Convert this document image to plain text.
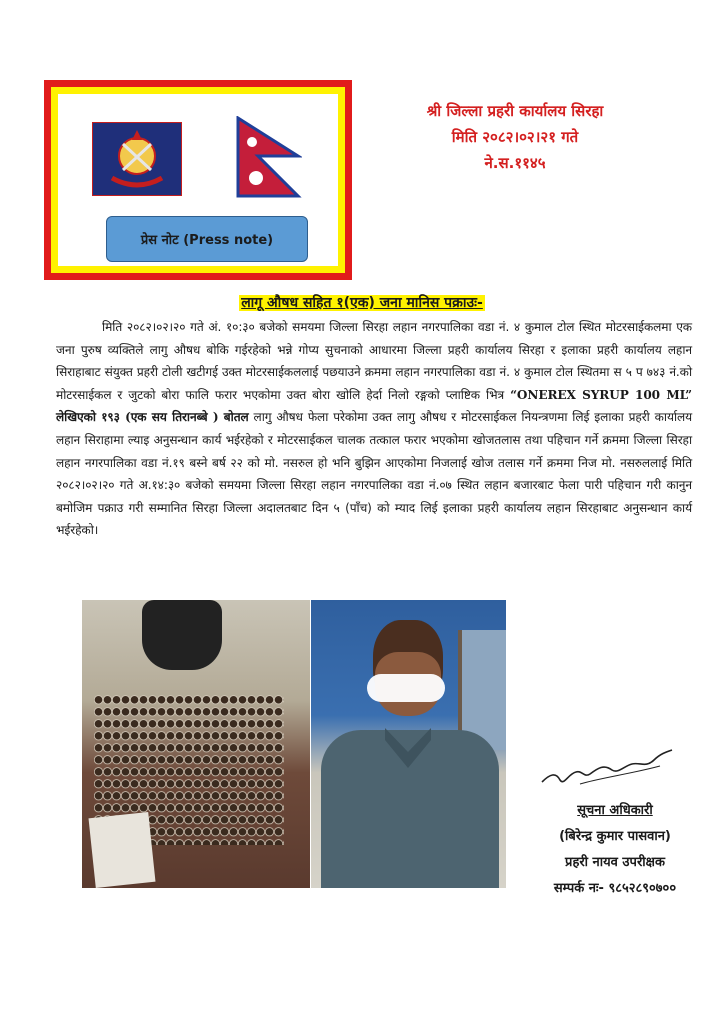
प्रेस नोट (Press note)
श्री जिल्ला प्रहरी कार्यालय सिरहा
मिति २०८२।०२।२१ गते
ने.स.११४५
लागू औषध सहित १(एक) जना मानिस पक्राउः-
मिति २०८२।०२।२० गते अं. १०:३० बजेको समयमा जिल्ला सिरहा लहान नगरपालिका वडा नं. ४ कुमाल टोल स्थित मोटरसाईकलमा एक जना पुरुष व्यक्तिले लागु औषध बोकि गईरहेको भन्ने गोप्य सुचनाको आधारमा जिल्ला प्रहरी कार्यालय सिरहा र इलाका प्रहरी कार्यालय लहान सिराहाबाट संयुक्त प्रहरी टोली खटीगई उक्त मोटरसाईकललाई पछयाउने क्रममा लहान नगरपालिका वडा नं. ४ कुमाल टोल स्थितमा स ५ प ७४३ नं.को मोटरसाईकल र जुटको बोरा फालि फरार भएकोमा उक्त बोरा खोलि हेर्दा निलो रङ्गको प्लाष्टिक भित्र “ONEREX SYRUP 100 ML” लेखिएको १९३ (एक सय तिरानब्बे ) बोतल लागु औषध फेला परेकोमा उक्त लागु औषध र मोटरसाईकल नियन्त्रणमा लिई इलाका प्रहरी कार्यालय लहान सिराहामा ल्याइ अनुसन्धान कार्य भईरहेको र मोटरसाईकल चालक तत्काल फरार भएकोमा खोजतलास तथा पहिचान गर्ने क्रममा जिल्ला सिरहा लहान नगरपालिका वडा नं.१९ बस्ने बर्ष २२ को मो. नसरुल हो भनि बुझिन आएकोमा निजलाई खोज तलास गर्ने क्रममा निज मो. नसरुललाई मिति २०८२।०२।२० गते अ.१४:३० बजेको समयमा जिल्ला सिरहा लहान नगरपालिका वडा नं.०७ स्थित लहान बजारबाट फेला पारी पहिचान गरी कानुन बमोजिम पक्राउ गरी सम्मानित सिरहा जिल्ला अदालतबाट दिन ५ (पाँच) को म्याद लिई इलाका प्रहरी कार्यालय लहान सिरहाबाट अनुसन्धान कार्य भईरहेको।
सूचना अधिकारी
(बिरेन्द्र कुमार पासवान)
प्रहरी नायव उपरीक्षक
सम्पर्क नः- ९८५२८९०७००
